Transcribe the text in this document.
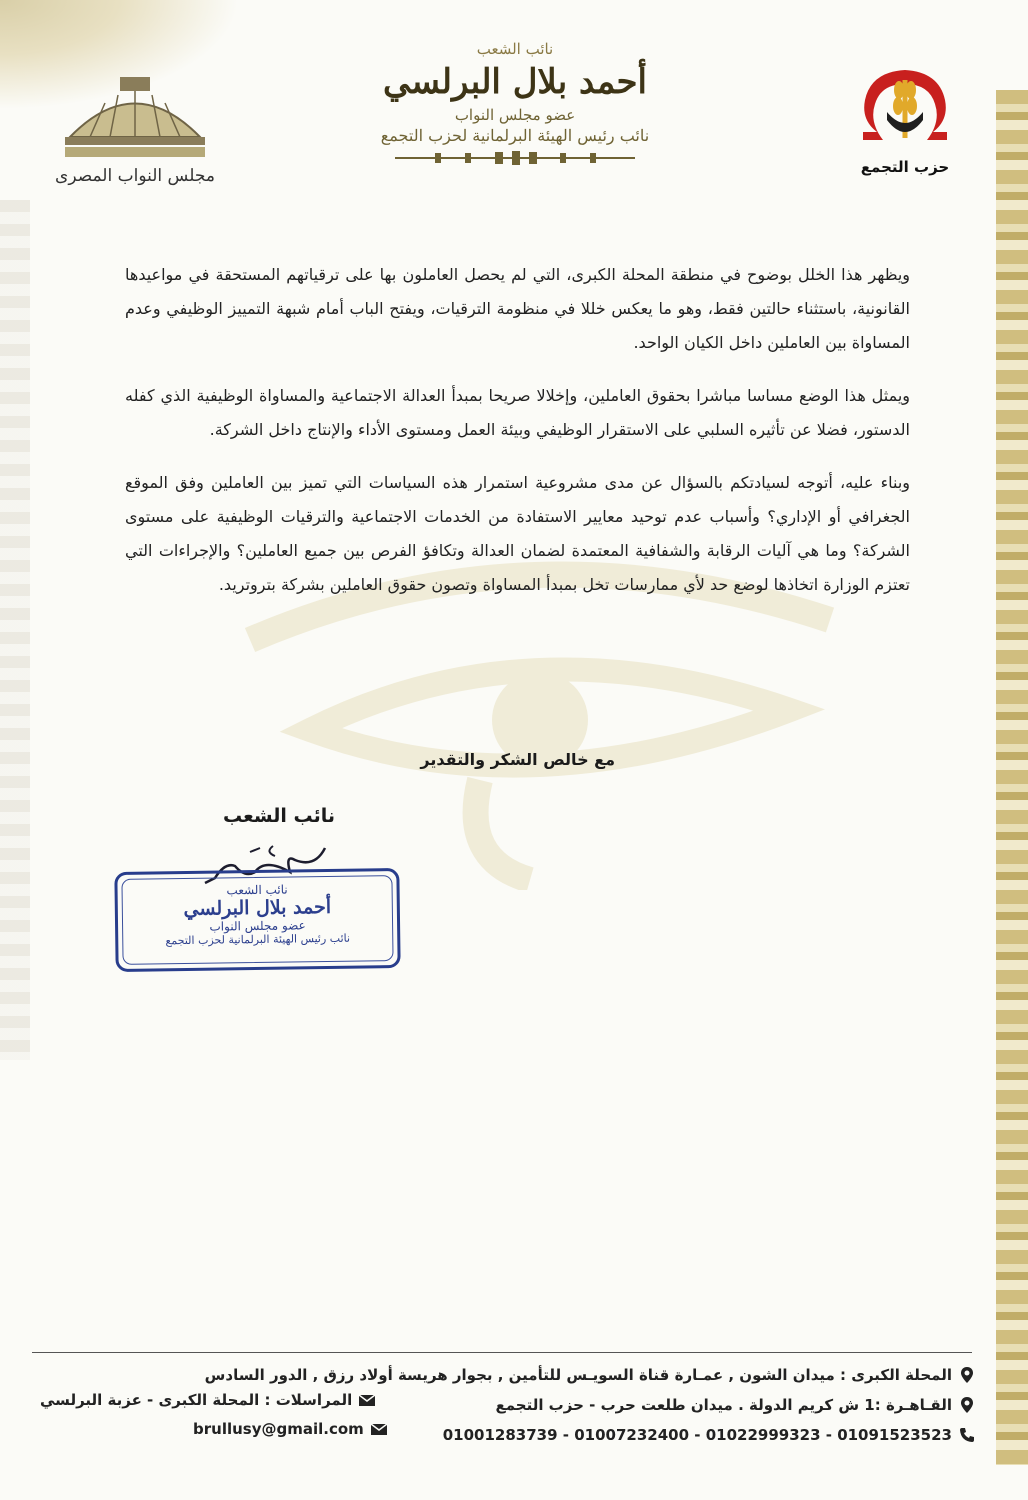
مجلس النواب المصرى
نائب الشعب
أحمد بلال البرلسي
عضو مجلس النواب
نائب رئيس الهيئة البرلمانية لحزب التجمع
حزب التجمع

ويظهر هذا الخلل بوضوح في منطقة المحلة الكبرى، التي لم يحصل العاملون بها على ترقياتهم المستحقة في مواعيدها القانونية، باستثناء حالتين فقط، وهو ما يعكس خللا في منظومة الترقيات، ويفتح الباب أمام شبهة التمييز الوظيفي وعدم المساواة بين العاملين داخل الكيان الواحد.

ويمثل هذا الوضع مساسا مباشرا بحقوق العاملين، وإخلالا صريحا بمبدأ العدالة الاجتماعية والمساواة الوظيفية الذي كفله الدستور، فضلا عن تأثيره السلبي على الاستقرار الوظيفي وبيئة العمل ومستوى الأداء والإنتاج داخل الشركة.

وبناء عليه، أتوجه لسيادتكم بالسؤال عن مدى مشروعية استمرار هذه السياسات التي تميز بين العاملين وفق الموقع الجغرافي أو الإداري؟ وأسباب عدم توحيد معايير الاستفادة من الخدمات الاجتماعية والترقيات الوظيفية على مستوى الشركة؟ وما هي آليات الرقابة والشفافية المعتمدة لضمان العدالة وتكافؤ الفرص بين جميع العاملين؟ والإجراءات التي تعتزم الوزارة اتخاذها لوضع حد لأي ممارسات تخل بمبدأ المساواة وتصون حقوق العاملين بشركة بتروتريد.

مع خالص الشكر والتقدير
نائب الشعب
نائب الشعب
أحمد بلال البرلسي
عضو مجلس النواب
نائب رئيس الهيئة البرلمانية لحزب التجمع
المحلة الكبرى : ميدان الشون , عمـارة قناة السويـس للتأمين , بجوار هريسة أولاد رزق , الدور السادس
القـاهـرة :1 ش كريم الدولة . ميدان طلعت حرب - حزب التجمع
01091523523 - 01022999323 - 01007232400 - 01001283739
المراسلات : المحلة الكبرى - عزبة البرلسي
brullusy@gmail.com
